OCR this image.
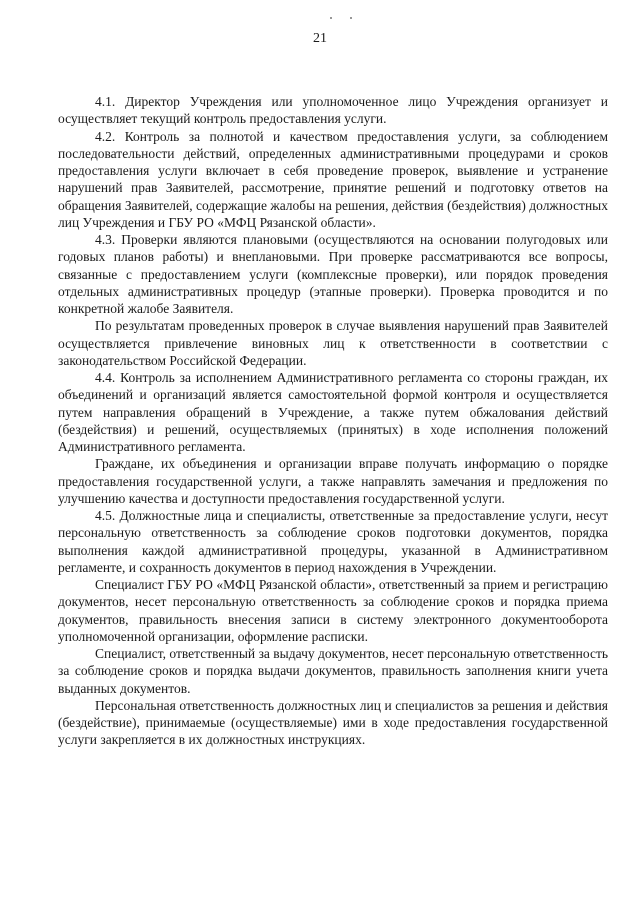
21

4.1. Директор Учреждения или уполномоченное лицо Учреждения организует и осуществляет текущий контроль предоставления услуги.

4.2. Контроль за полнотой и качеством предоставления услуги, за соблюдением последовательности действий, определенных административными процедурами и сроков предоставления услуги включает в себя проведение проверок, выявление и устранение нарушений прав Заявителей, рассмотрение, принятие решений и подготовку ответов на обращения Заявителей, содержащие жалобы на решения, действия (бездействия) должностных лиц Учреждения и ГБУ РО «МФЦ Рязанской области».

4.3. Проверки являются плановыми (осуществляются на основании полугодовых или годовых планов работы) и внеплановыми. При проверке рассматриваются все вопросы, связанные с предоставлением услуги (комплексные проверки), или порядок проведения отдельных административных процедур (этапные проверки). Проверка проводится и по конкретной жалобе Заявителя.

По результатам проведенных проверок в случае выявления нарушений прав Заявителей осуществляется привлечение виновных лиц к ответственности в соответствии с законодательством Российской Федерации.

4.4. Контроль за исполнением Административного регламента со стороны граждан, их объединений и организаций является самостоятельной формой контроля и осуществляется путем направления обращений в Учреждение, а также путем обжалования действий (бездействия) и решений, осуществляемых (принятых) в ходе исполнения положений Административного регламента.

Граждане, их объединения и организации вправе получать информацию о порядке предоставления государственной услуги, а также направлять замечания и предложения по улучшению качества и доступности предоставления государственной услуги.

4.5. Должностные лица и специалисты, ответственные за предоставление услуги, несут персональную ответственность за соблюдение сроков подготовки документов, порядка выполнения каждой административной процедуры, указанной в Административном регламенте, и сохранность документов в период нахождения в Учреждении.

Специалист ГБУ РО «МФЦ Рязанской области», ответственный за прием и регистрацию документов, несет персональную ответственность за соблюдение сроков и порядка приема документов, правильность внесения записи в систему электронного документооборота уполномоченной организации, оформление расписки.

Специалист, ответственный за выдачу документов, несет персональную ответственность за соблюдение сроков и порядка выдачи документов, правильность заполнения книги учета выданных документов.

Персональная ответственность должностных лиц и специалистов за решения и действия (бездействие), принимаемые (осуществляемые) ими в ходе предоставления государственной услуги закрепляется в их должностных инструкциях.
